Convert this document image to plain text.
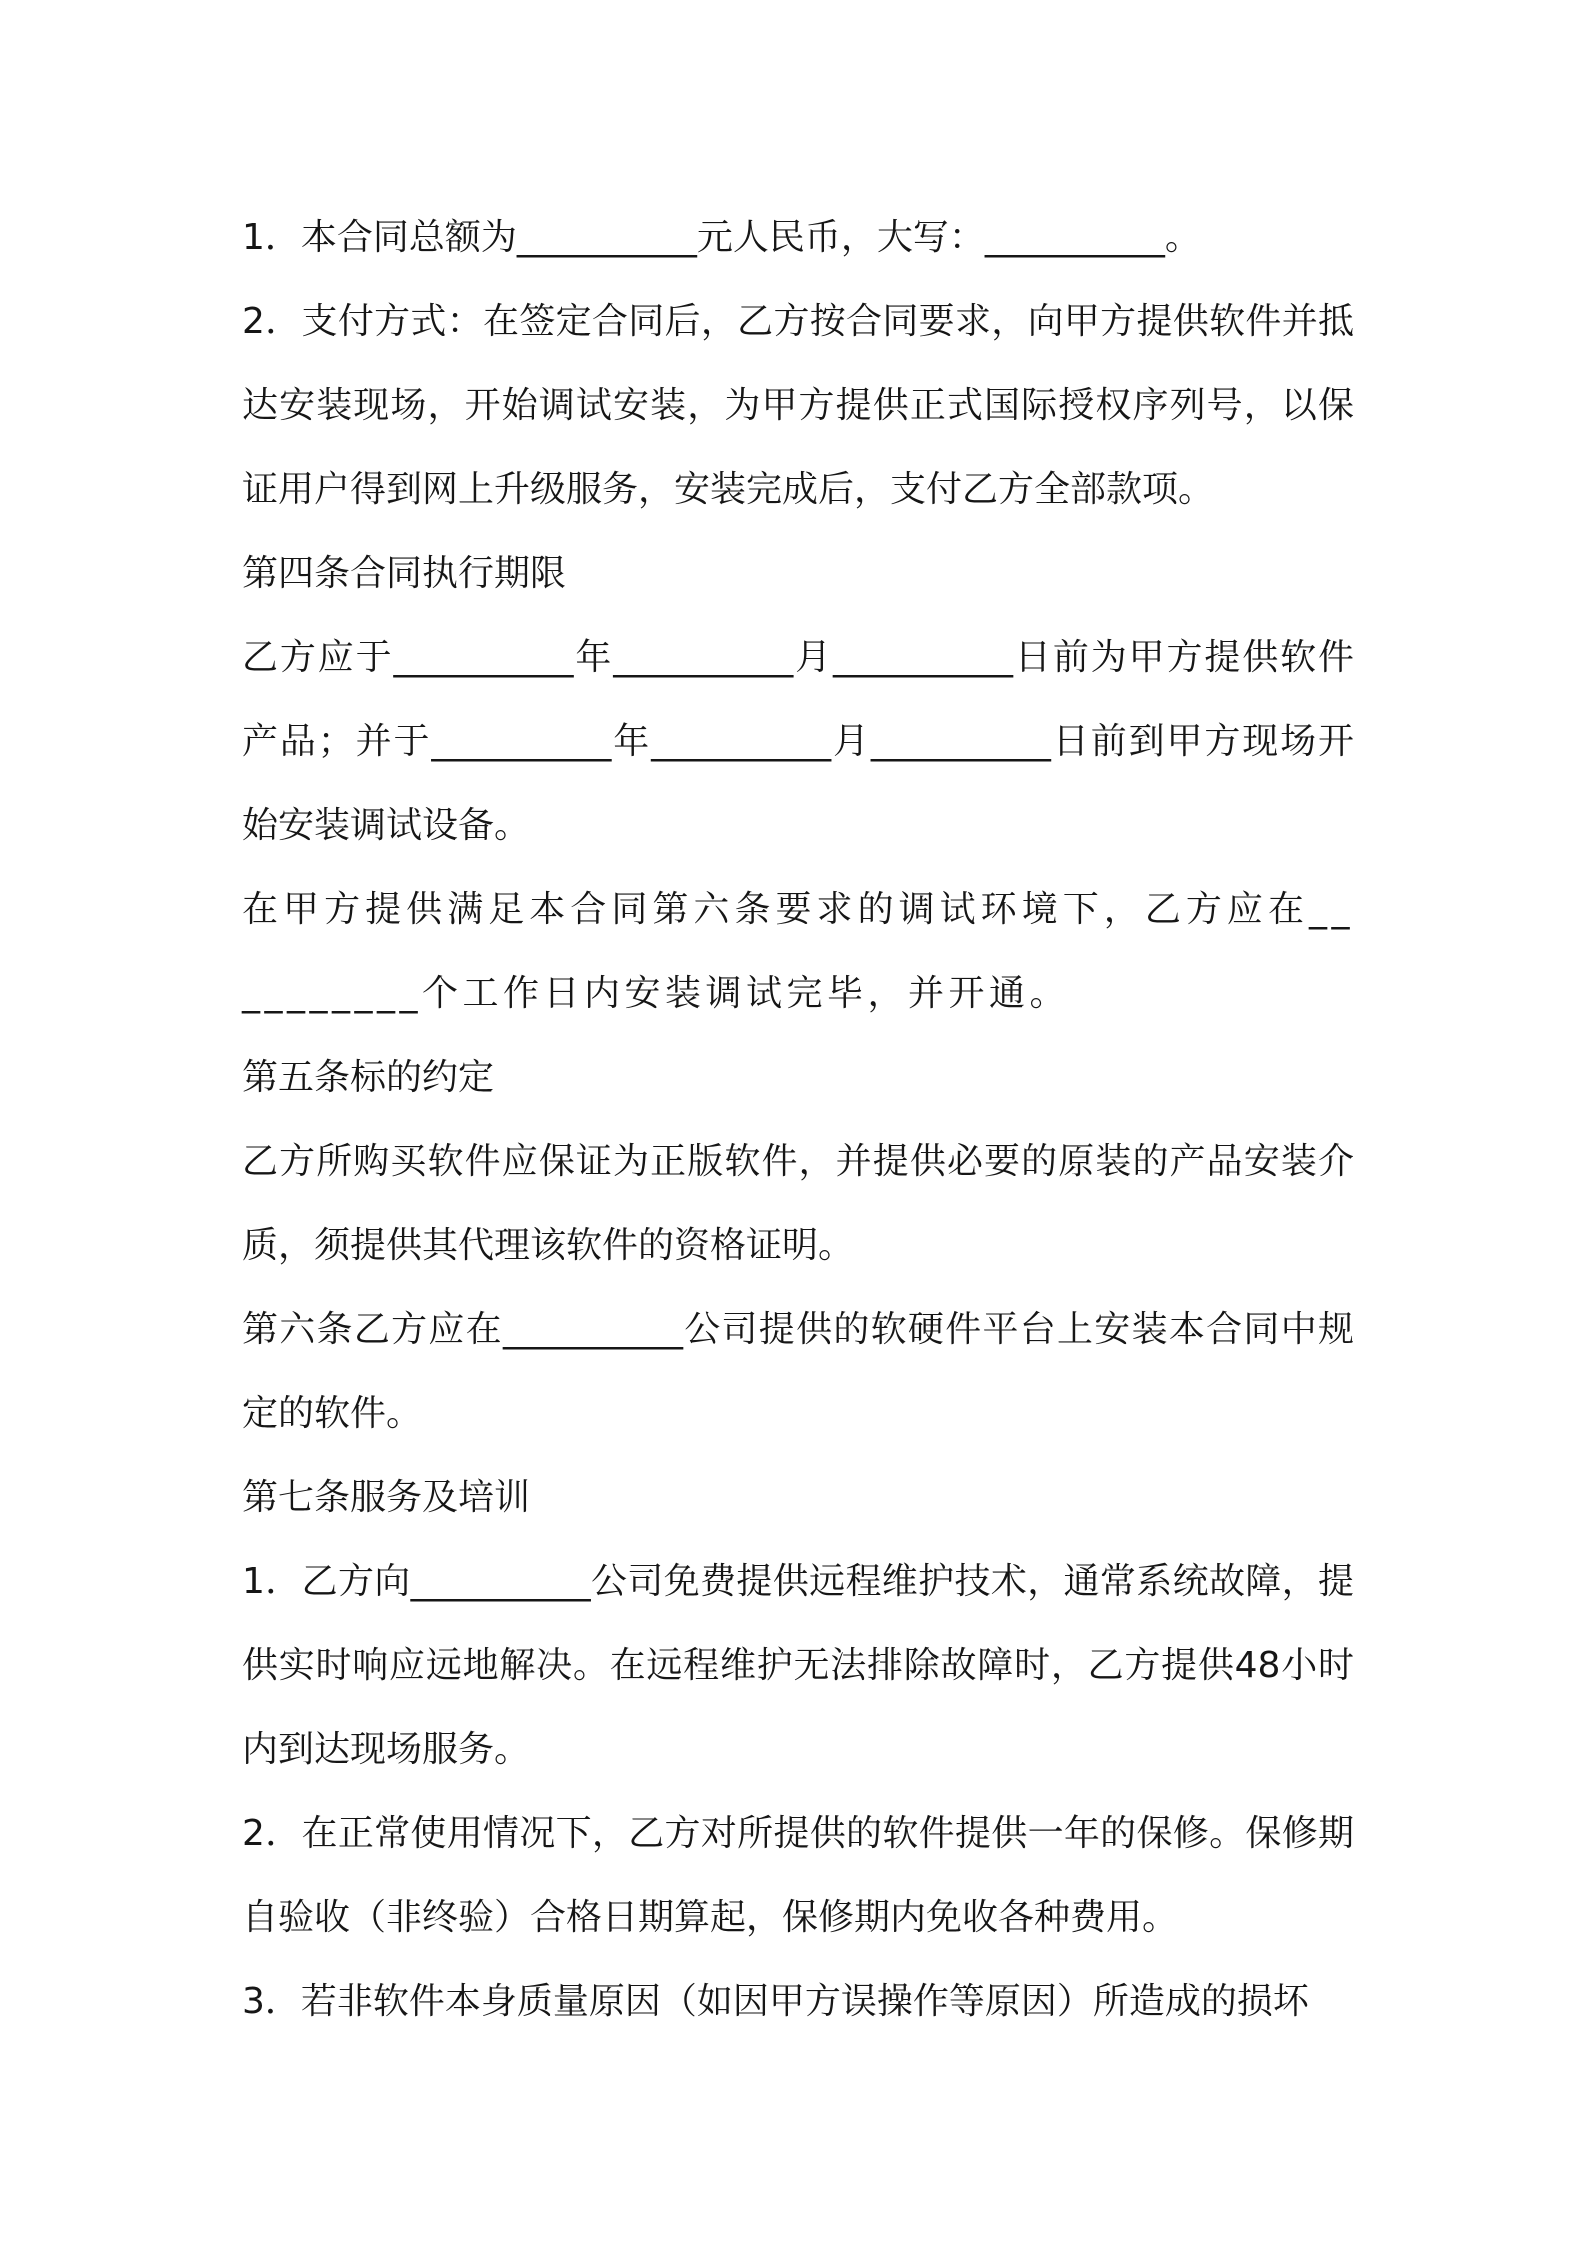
1．本合同总额为__________元人民币，大写：__________。

2．支付方式：在签定合同后，乙方按合同要求，向甲方提供软件并抵达安装现场，开始调试安装，为甲方提供正式国际授权序列号，以保证用户得到网上升级服务，安装完成后，支付乙方全部款项。

第四条合同执行期限

乙方应于__________年__________月__________日前为甲方提供软件产品；并于__________年__________月__________日前到甲方现场开始安装调试设备。

在甲方提供满足本合同第六条要求的调试环境下，乙方应在__________个工作日内安装调试完毕，并开通。

第五条标的约定

乙方所购买软件应保证为正版软件，并提供必要的原装的产品安装介质，须提供其代理该软件的资格证明。

第六条乙方应在__________公司提供的软硬件平台上安装本合同中规定的软件。

第七条服务及培训

1．乙方向__________公司免费提供远程维护技术，通常系统故障，提供实时响应远地解决。在远程维护无法排除故障时，乙方提供48小时内到达现场服务。

2．在正常使用情况下，乙方对所提供的软件提供一年的保修。保修期自验收（非终验）合格日期算起，保修期内免收各种费用。

3．若非软件本身质量原因（如因甲方误操作等原因）所造成的损坏
